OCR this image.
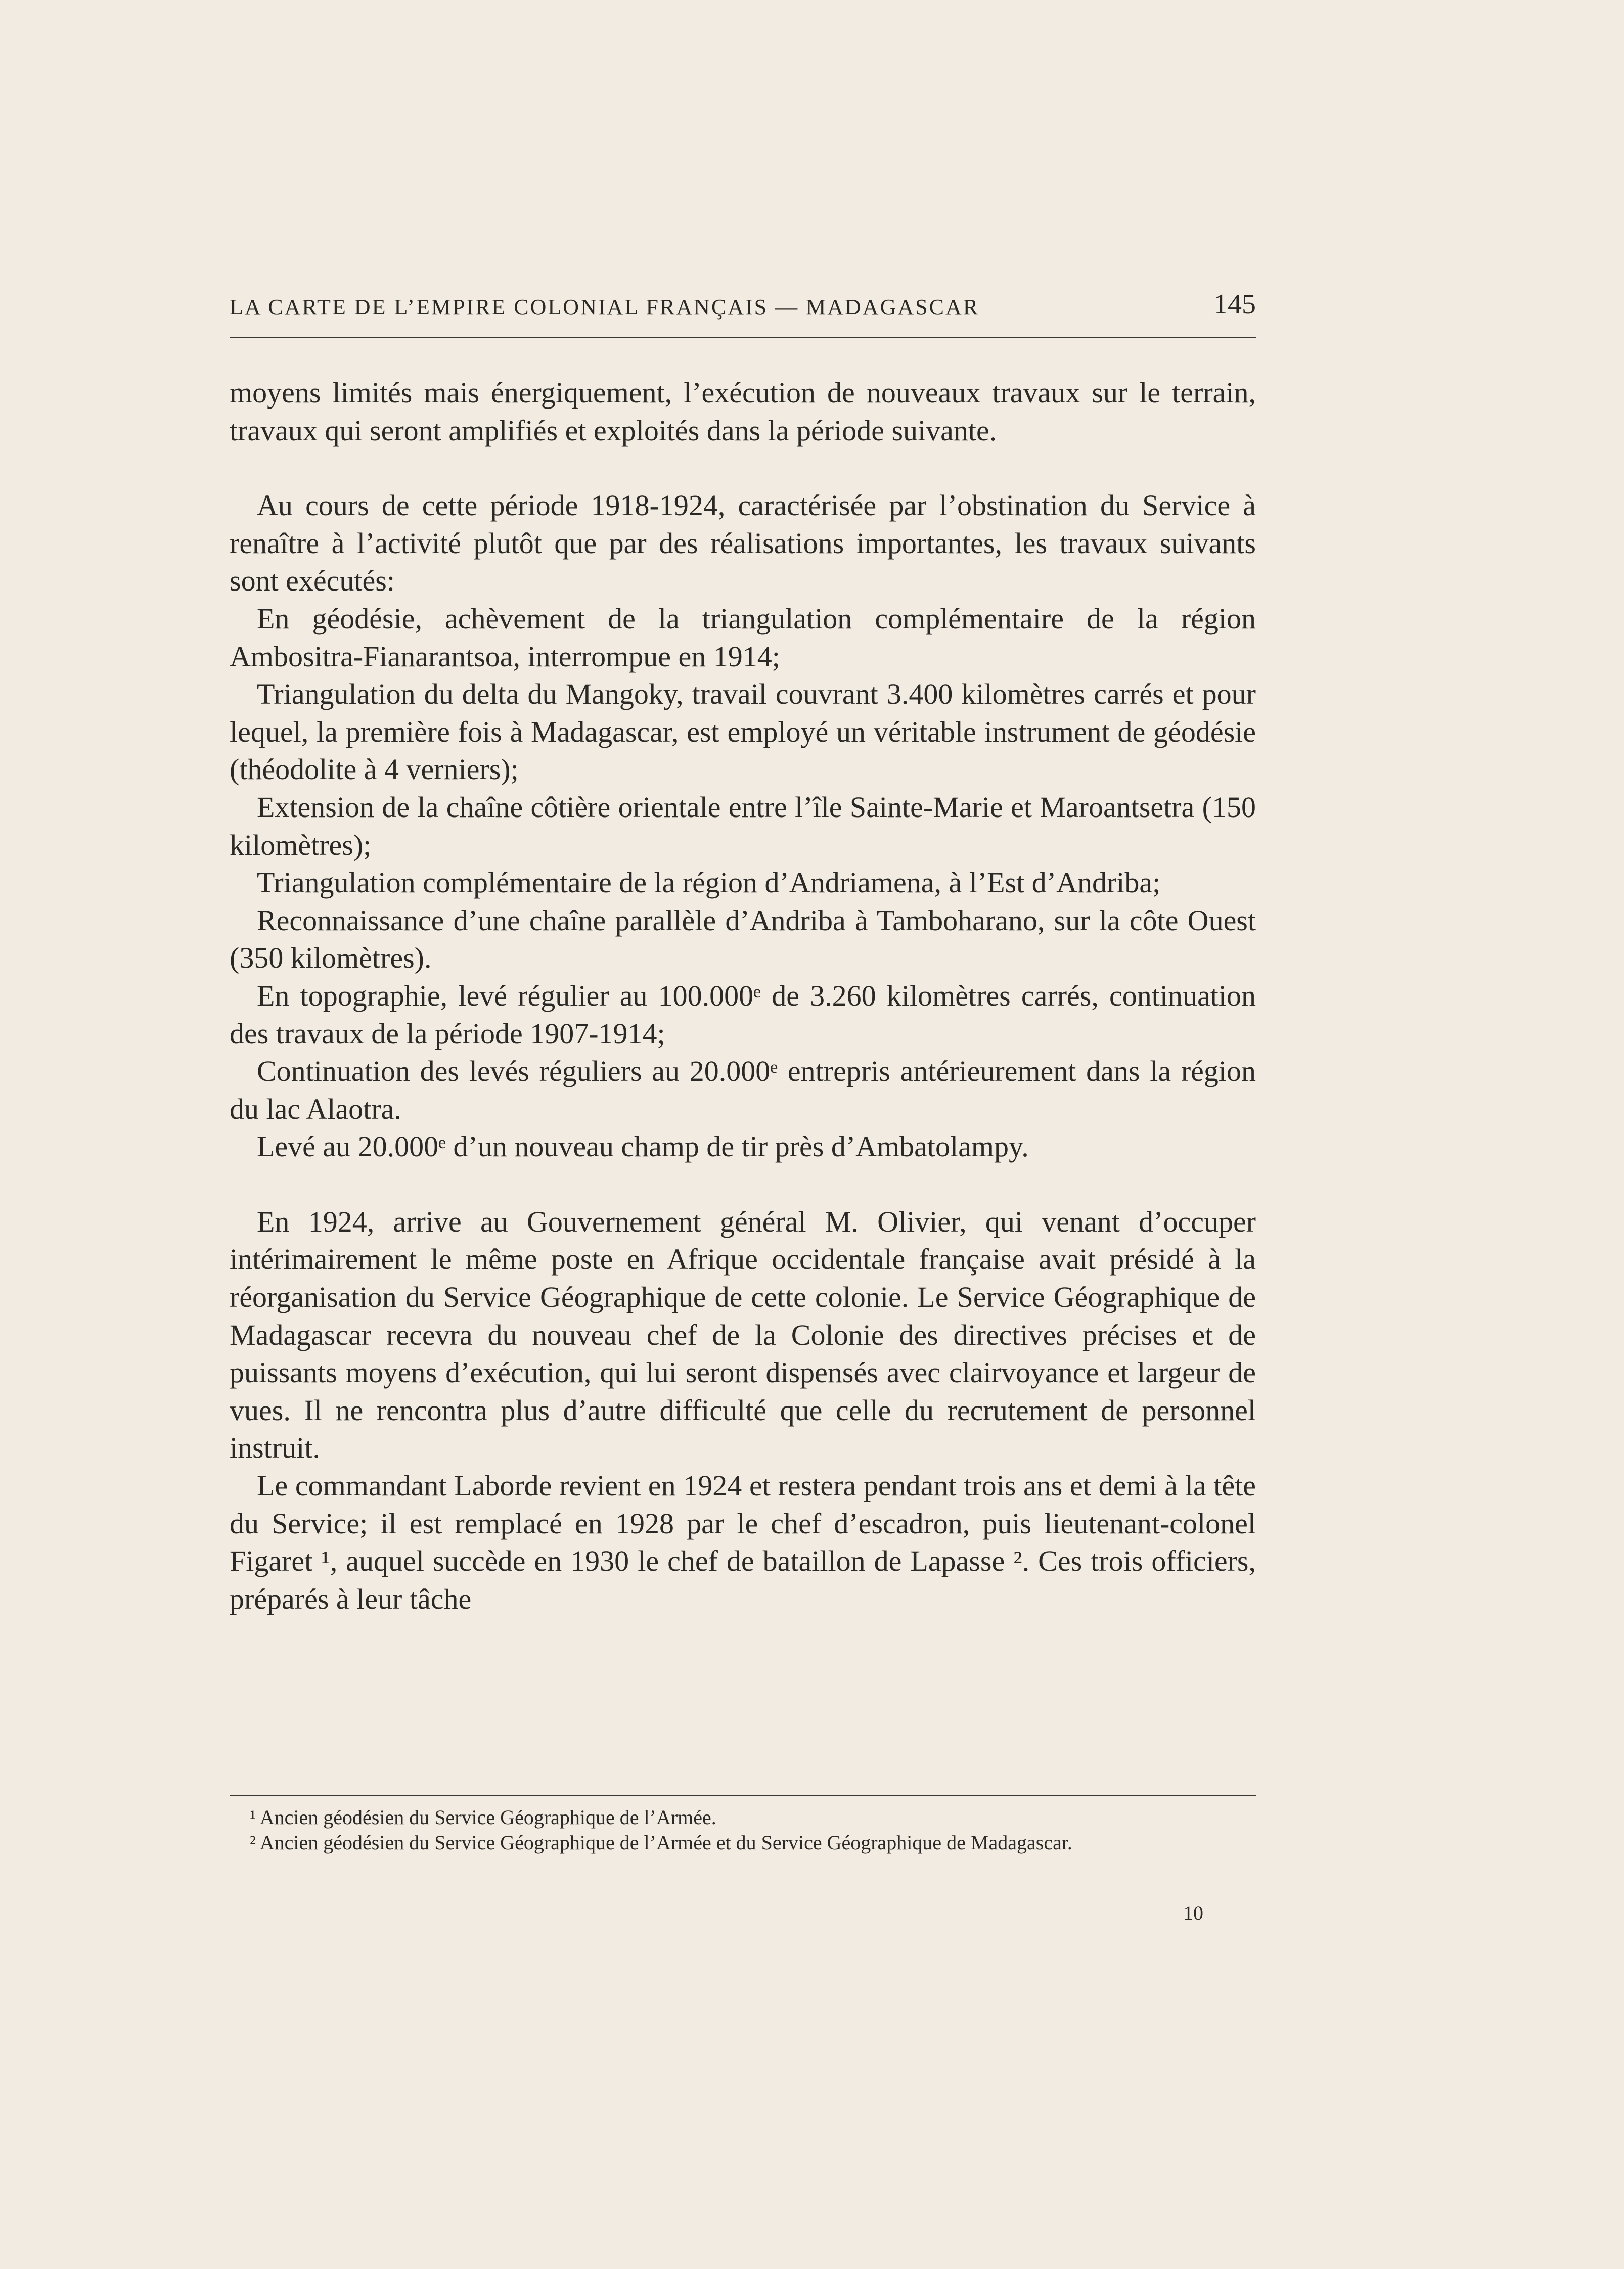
LA CARTE DE L’EMPIRE COLONIAL FRANÇAIS — MADAGASCAR	145

moyens limités mais énergiquement, l’exécution de nouveaux travaux sur le terrain, travaux qui seront amplifiés et exploités dans la période suivante.

Au cours de cette période 1918-1924, caractérisée par l’obstination du Service à renaître à l’activité plutôt que par des réalisations importantes, les travaux suivants sont exécutés:

En géodésie, achèvement de la triangulation complémentaire de la région Ambositra-Fianarantsoa, interrompue en 1914;

Triangulation du delta du Mangoky, travail couvrant 3.400 kilomètres carrés et pour lequel, la première fois à Madagascar, est employé un véritable instrument de géodésie (théodolite à 4 verniers);

Extension de la chaîne côtière orientale entre l’île Sainte-Marie et Maroantsetra (150 kilomètres);

Triangulation complémentaire de la région d’Andriamena, à l’Est d’Andriba;

Reconnaissance d’une chaîne parallèle d’Andriba à Tamboharano, sur la côte Ouest (350 kilomètres).

En topographie, levé régulier au 100.000ᵉ de 3.260 kilomètres carrés, continuation des travaux de la période 1907-1914;

Continuation des levés réguliers au 20.000ᵉ entrepris antérieurement dans la région du lac Alaotra.

Levé au 20.000ᵉ d’un nouveau champ de tir près d’Ambatolampy.

En 1924, arrive au Gouvernement général M. Olivier, qui venant d’occuper intérimairement le même poste en Afrique occidentale française avait présidé à la réorganisation du Service Géographique de cette colonie. Le Service Géographique de Madagascar recevra du nouveau chef de la Colonie des directives précises et de puissants moyens d’exécution, qui lui seront dispensés avec clairvoyance et largeur de vues. Il ne rencontra plus d’autre difficulté que celle du recrutement de personnel instruit.

Le commandant Laborde revient en 1924 et restera pendant trois ans et demi à la tête du Service; il est remplacé en 1928 par le chef d’escadron, puis lieutenant-colonel Figaret ¹, auquel succède en 1930 le chef de bataillon de Lapasse ². Ces trois officiers, préparés à leur tâche

¹ Ancien géodésien du Service Géographique de l’Armée.

² Ancien géodésien du Service Géographique de l’Armée et du Service Géographique de Madagascar.

10
